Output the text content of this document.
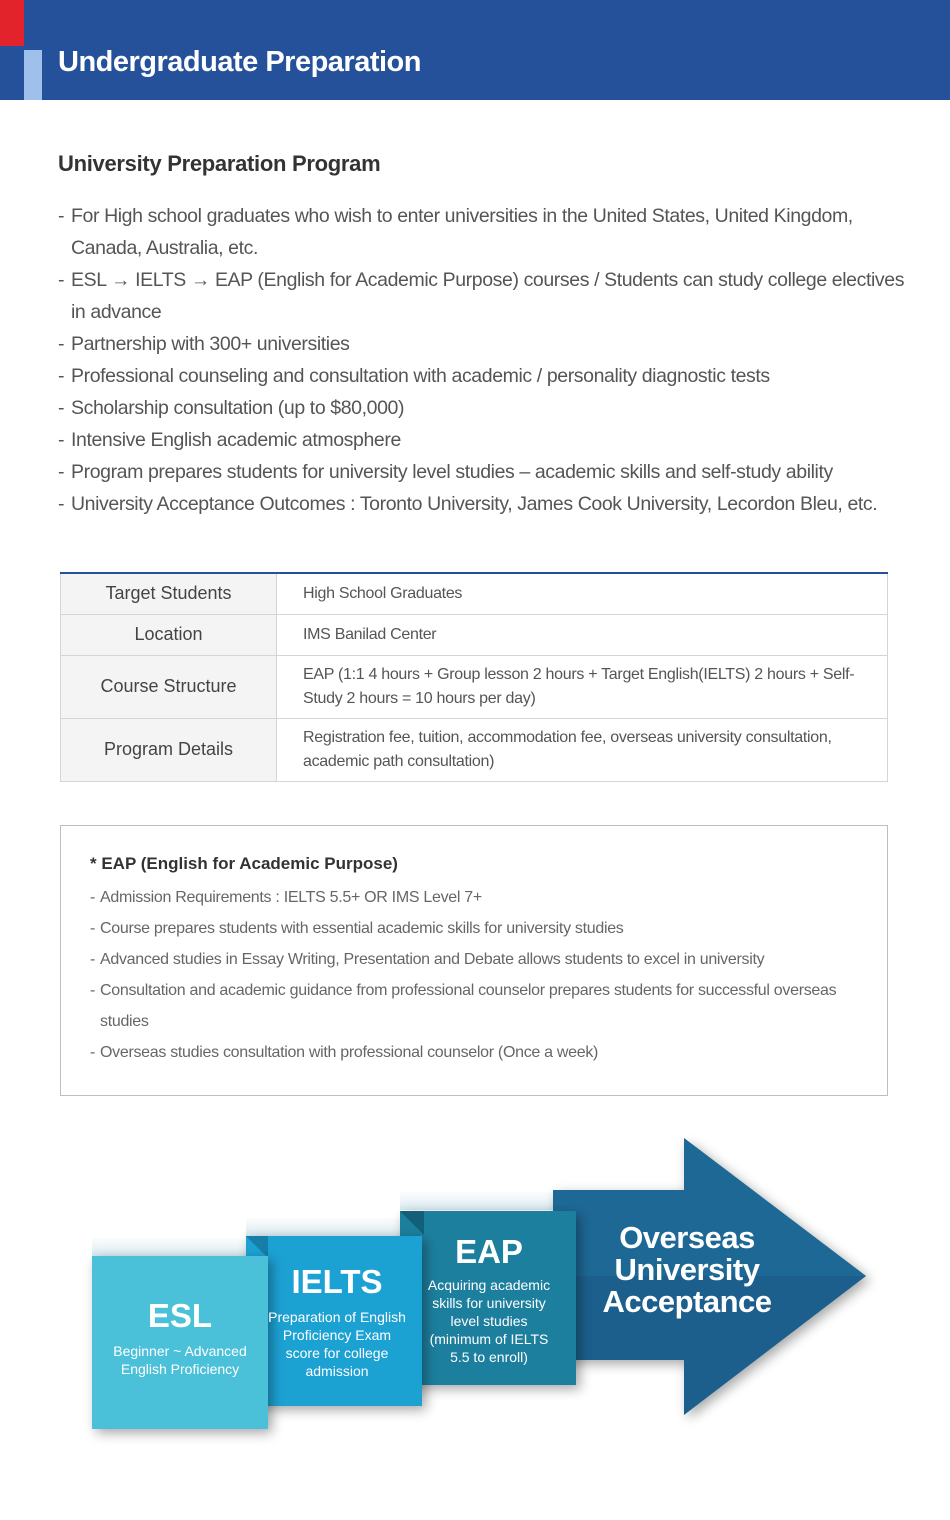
Undergraduate Preparation
University Preparation Program
- For High school graduates who wish to enter universities in the United States, United Kingdom, Canada, Australia, etc.
- ESL → IELTS → EAP (English for Academic Purpose) courses / Students can study college electives in advance
- Partnership with 300+ universities
- Professional counseling and consultation with academic / personality diagnostic tests
- Scholarship consultation (up to $80,000)
- Intensive English academic atmosphere
- Program prepares students for university level studies – academic skills and self-study ability
- University Acceptance Outcomes : Toronto University, James Cook University, Lecordon Bleu, etc.
Target Students	High School Graduates
Location	IMS Banilad Center
Course Structure	EAP (1:1 4 hours + Group lesson 2 hours + Target English(IELTS) 2 hours + Self-Study 2 hours = 10 hours per day)
Program Details	Registration fee, tuition, accommodation fee, overseas university consultation, academic path consultation)
* EAP (English for Academic Purpose)
- Admission Requirements : IELTS 5.5+ OR IMS Level 7+
- Course prepares students with essential academic skills for university studies
- Advanced studies in Essay Writing, Presentation and Debate allows students to excel in university
- Consultation and academic guidance from professional counselor prepares students for successful overseas studies
- Overseas studies consultation with professional counselor (Once a week)
ESL
Beginner ~ Advanced English Proficiency
IELTS
Preparation of English Proficiency Exam score for college admission
EAP
Acquiring academic skills for university level studies (minimum of IELTS 5.5 to enroll)
Overseas University Acceptance
